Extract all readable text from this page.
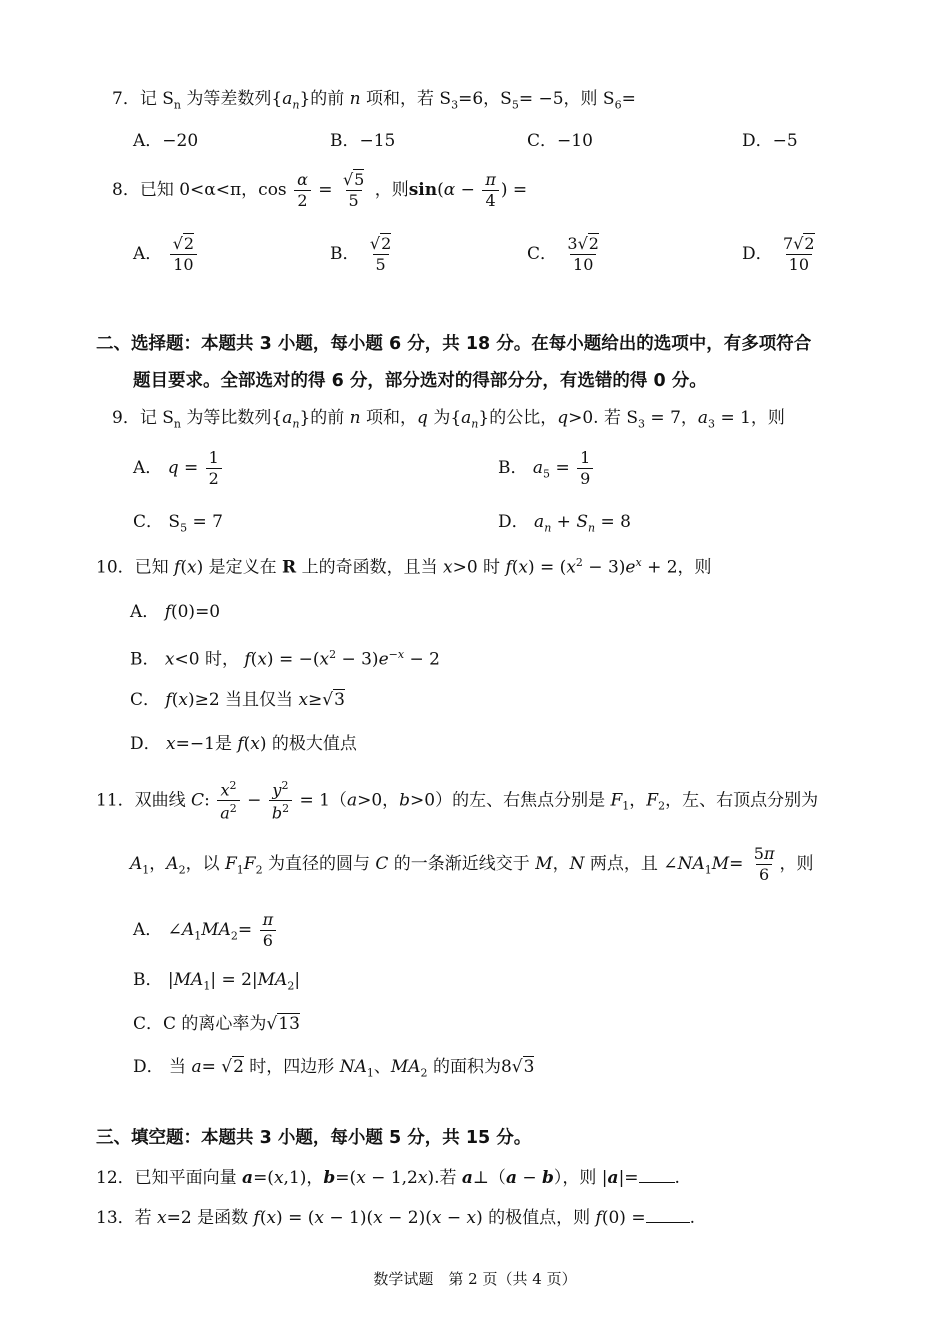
7．记 $S_n$ 为等差数列$\{a_n\}$的前 n 项和，若 $S_3=6$，$S_5= -5$，则 $S_6=$
A．−20	B．−15	C．−10	D．−5
8．已知 0<α<π，$\cos \frac{\alpha}{2} = \frac{√5}{5}$ ，则$\sin(\alpha - \frac{\pi}{4}$ ) =
A． $\frac{√2}{10}$	B． $\frac{√2}{5}$	C． $\frac{3√2}{10}$	D． $\frac{7√2}{10}$
二、选择题：本题共 3 小题，每小题 6 分，共 18 分。在每小题给出的选项中，有多项符合
题目要求。全部选对的得 6 分，部分选对的得部分分，有选错的得 0 分。
9．记 $S_n$ 为等比数列$\{a_n\}$的前 n 项和，q 为$\{a_n\}$的公比，q>0. 若 $S_3 = 7$，$a_3 = 1$，则
A． $q = \frac{1}{2}$	B． $a_5 = \frac{1}{9}$
C． $S_5 = 7$	D． $a_n + S_n = 8$
10．已知 f(x) 是定义在 R 上的奇函数，且当 x>0 时 $f(x) = (x^2 - 3)e^x + 2$，则
A． f(0)=0
B． x<0 时， $f(x) = -(x^2 - 3)e^{-x} - 2$
C． f(x)≥2 当且仅当 x≥√3
D． x=−1是 f(x) 的极大值点
11．双曲线 C: $\frac{x^2}{a^2} - \frac{y^2}{b^2} = 1(a>0$，b>0）的左、右焦点分别是 $F_1$，$F_2$，左、右顶点分别为
$A_1$，$A_2$，以 $F_1F_2$ 为直径的圆与 C 的一条渐近线交于 M，N 两点，且 $\angle NA_1M= \frac{5\pi}{6}$ ，则
A． $\angle A_1MA_2= \frac{\pi}{6}$
B． $|MA_1| = 2|MA_2|$
C．C 的离心率为√13
D． 当 a= √2 时，四边形 $NA_1$、$MA_2$ 的面积为8√3
三、填空题：本题共 3 小题，每小题 5 分，共 15 分。
12．已知平面向量 a=(x,1)，b=(x − 1,2x).若 a⊥（a − b），则 |a|= .
13．若 x=2 是函数 f(x) = (x − 1)(x − 2)(x − x) 的极值点，则 f(0) =	.
数学试题　第 2 页（共 4 页）
